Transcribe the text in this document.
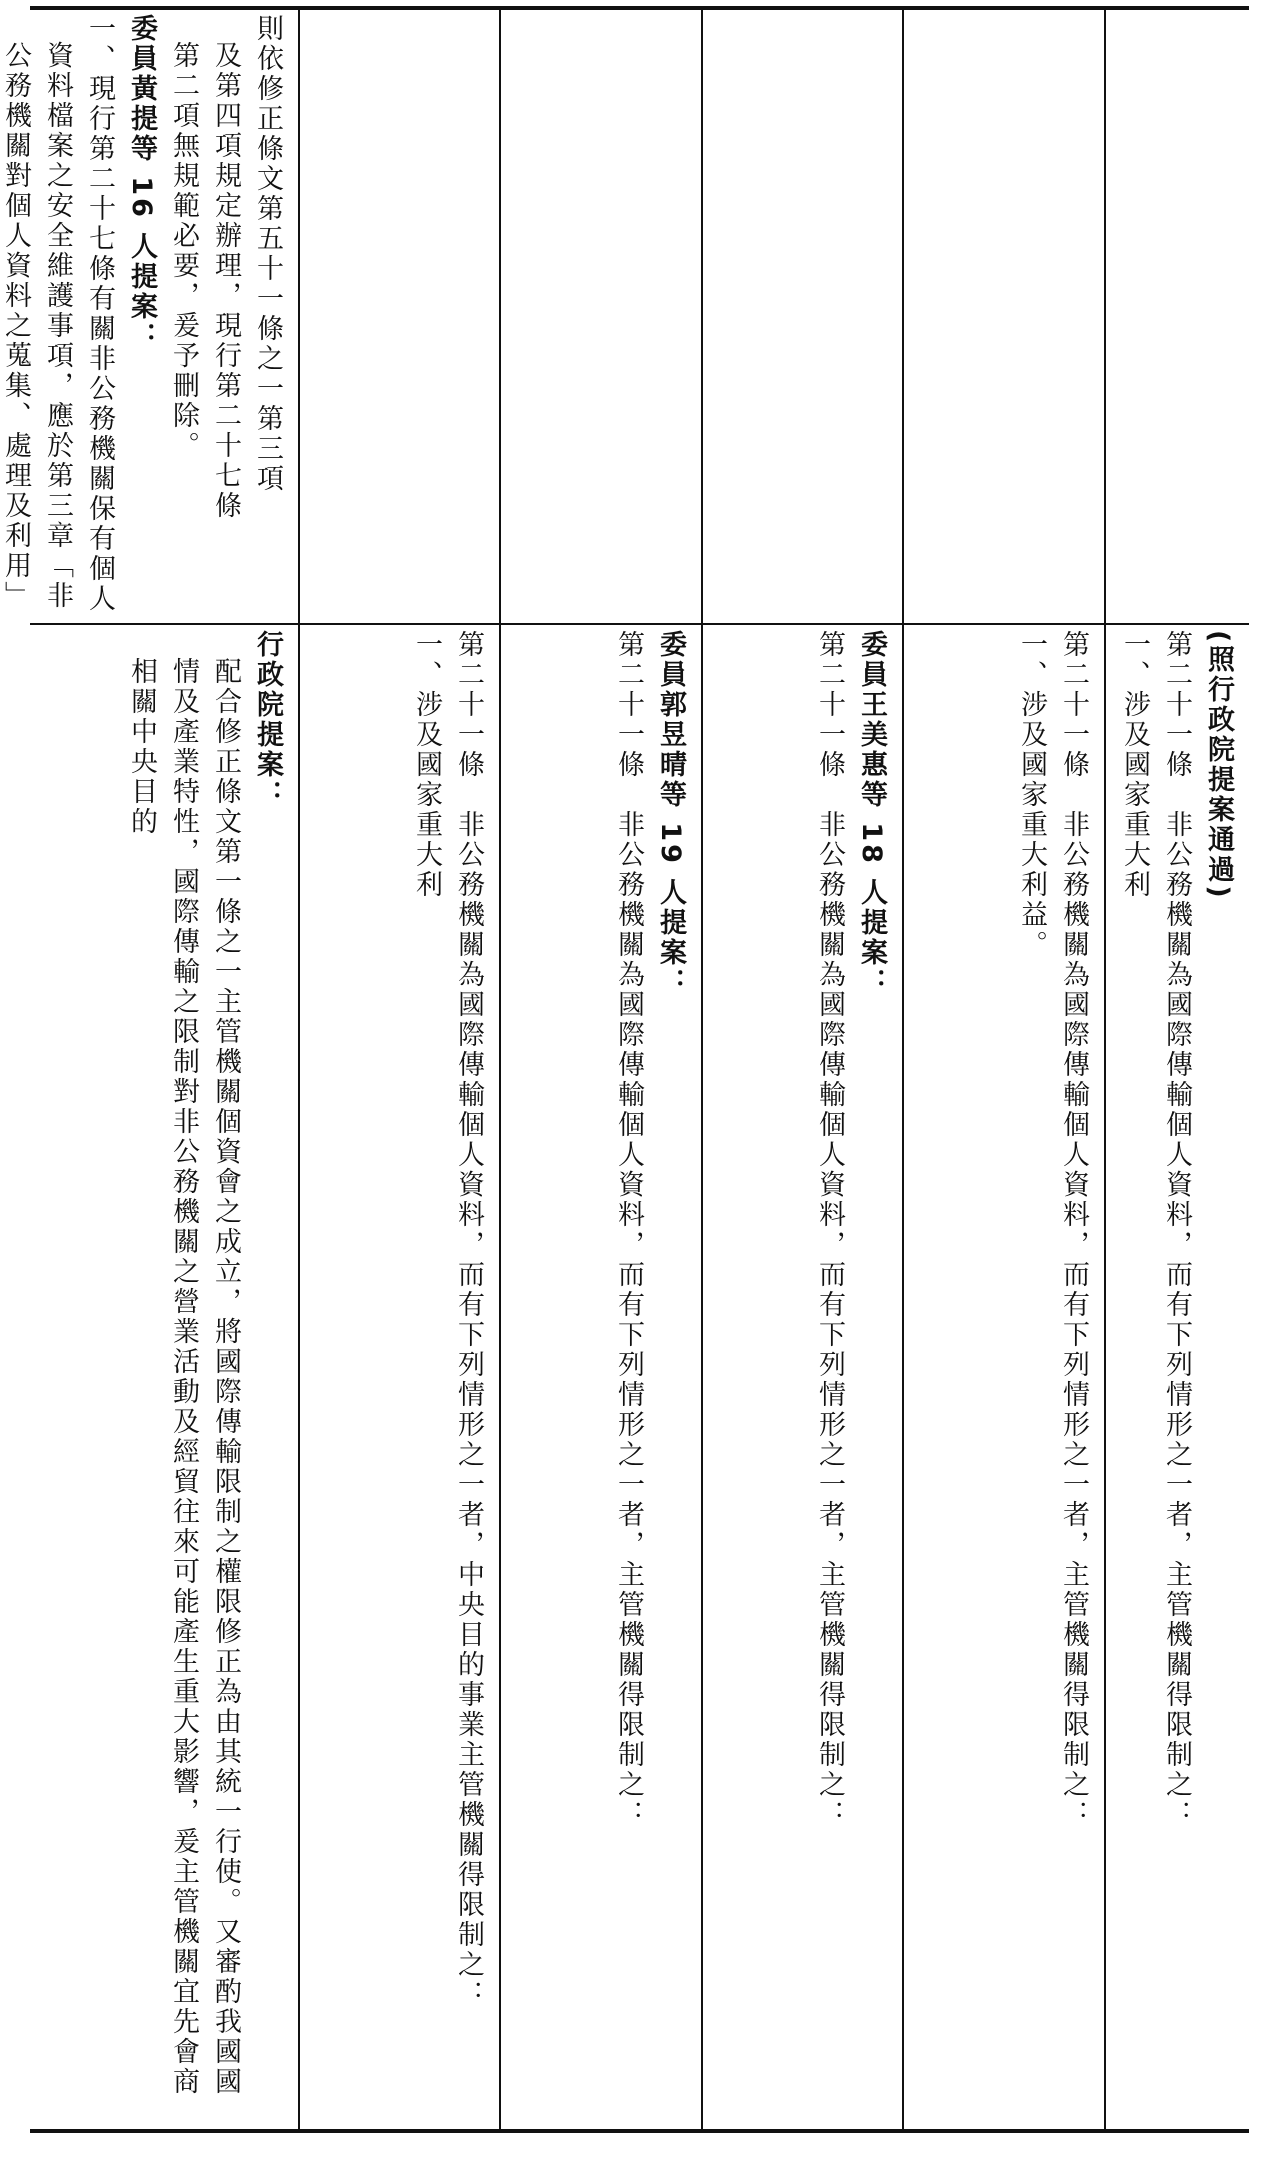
則依修正條文第五十一條之一第三項

及第四項規定辦理，現行第二十七條

第二項無規範必要，爰予刪除。

委員黃提等 16 人提案：

一、現行第二十七條有關非公務機關保有個人資料檔案之安全維護事項，應於第三章「非公務機關對個人資料之蒐集、處理及利用」

(照行政院提案通過)

第二十一條　非公務機關為國際傳輸個人資料，而有下列情形之一者，主管機關得限制之：

一、涉及國家重大利

第二十一條　非公務機關為國際傳輸個人資料，而有下列情形之一者，主管機關得限制之：

一、涉及國家重大利益。

委員王美惠等 18 人提案：

第二十一條　非公務機關為國際傳輸個人資料，而有下列情形之一者，主管機關得限制之：

委員郭昱晴等 19 人提案：

第二十一條　非公務機關為國際傳輸個人資料，而有下列情形之一者，主管機關得限制之：

第二十一條　非公務機關為國際傳輸個人資料，而有下列情形之一者，中央目的事業主管機關得限制之：

一、涉及國家重大利

行政院提案：

配合修正條文第一條之一主管機關個資會之成立，將國際傳輸限制之權限修正為由其統一行使。又審酌我國國情及產業特性，國際傳輸之限制對非公務機關之營業活動及經貿往來可能產生重大影響，爰主管機關宜先會商相關中央目的
